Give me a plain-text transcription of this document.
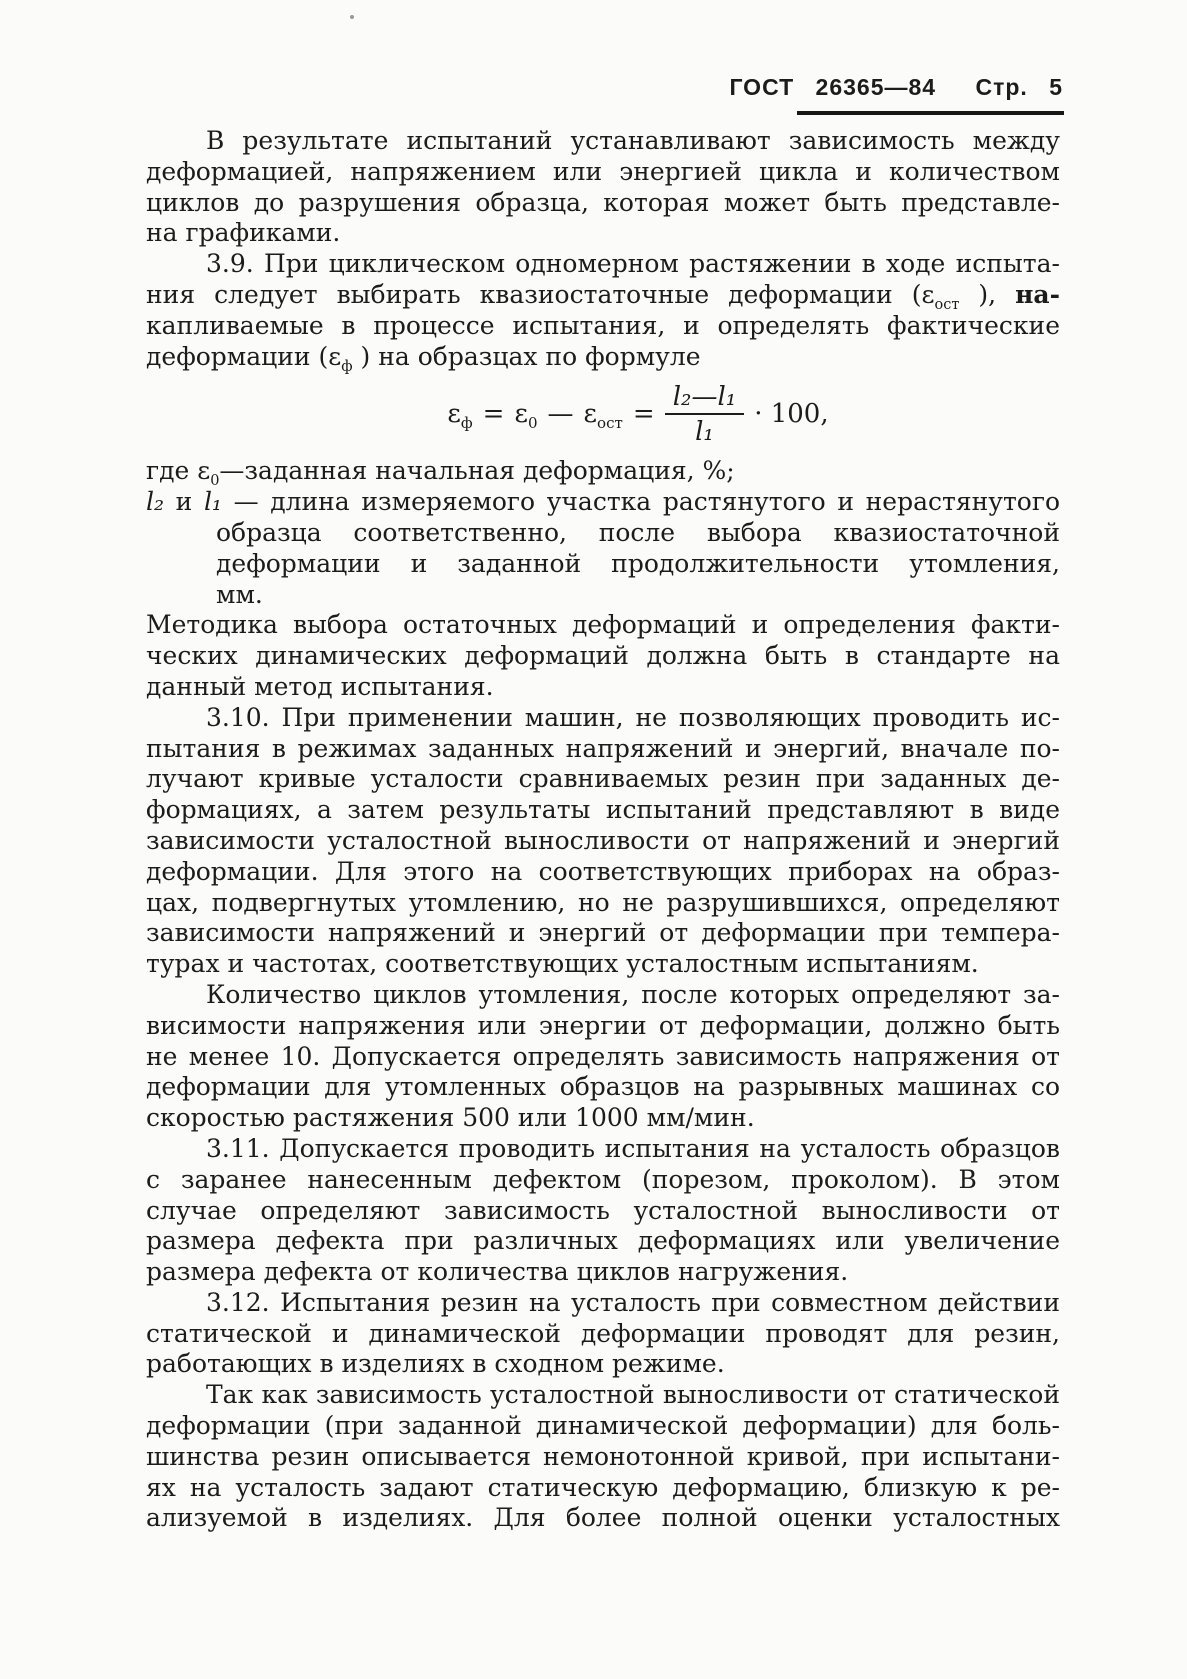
ГОСТ 26365—84 Стр. 5
В результате испытаний устанавливают зависимость между
деформацией, напряжением или энергией цикла и количеством
циклов до разрушения образца, которая может быть представле-
на графиками.
3.9. При циклическом одномерном растяжении в ходе испыта-
ния следует выбирать квазиостаточные деформации ($\varepsilon_{ост}$ ), на-
капливаемые в процессе испытания, и определять фактические
деформации ($\varepsilon_ф$ ) на образцах по формуле
$\varepsilon_ф = \varepsilon_0$ — $\varepsilon_{ост} = \frac{\text{l₂—l₁}}{\text{l₁}} \cdot 100$,
где $\varepsilon_0—заданная$ начальная деформация, %;
l₂ и l₁ — длина измеряемого участка растянутого и нерастянутого
образца соответственно, после выбора квазиостаточной
деформации и заданной продолжительности утомления,
мм.
Методика выбора остаточных деформаций и определения факти-
ческих динамических деформаций должна быть в стандарте на
данный метод испытания.
3.10. При применении машин, не позволяющих проводить ис-
пытания в режимах заданных напряжений и энергий, вначале по-
лучают кривые усталости сравниваемых резин при заданных де-
формациях, а затем результаты испытаний представляют в виде
зависимости усталостной выносливости от напряжений и энергий
деформации. Для этого на соответствующих приборах на образ-
цах, подвергнутых утомлению, но не разрушившихся, определяют
зависимости напряжений и энергий от деформации при темпера-
турах и частотах, соответствующих усталостным испытаниям.
Количество циклов утомления, после которых определяют за-
висимости напряжения или энергии от деформации, должно быть
не менее 10. Допускается определять зависимость напряжения от
деформации для утомленных образцов на разрывных машинах со
скоростью растяжения 500 или 1000 мм/мин.
3.11. Допускается проводить испытания на усталость образцов
с заранее нанесенным дефектом (порезом, проколом). В этом
случае определяют зависимость усталостной выносливости от
размера дефекта при различных деформациях или увеличение
размера дефекта от количества циклов нагружения.
3.12. Испытания резин на усталость при совместном действии
статической и динамической деформации проводят для резин,
работающих в изделиях в сходном режиме.
Так как зависимость усталостной выносливости от статической
деформации (при заданной динамической деформации) для боль-
шинства резин описывается немонотонной кривой, при испытани-
ях на усталость задают статическую деформацию, близкую к ре-
ализуемой в изделиях. Для более полной оценки усталостных
